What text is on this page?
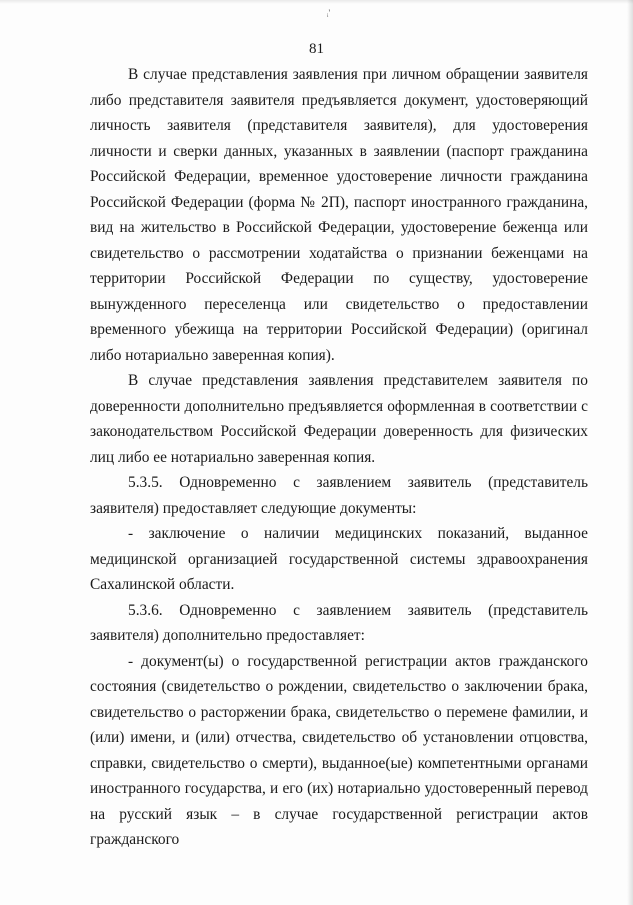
ᵢ'
81

В случае представления заявления при личном обращении заявителя либо представителя заявителя предъявляется документ, удостоверяющий личность заявителя (представителя заявителя), для удостоверения личности и сверки данных, указанных в заявлении (паспорт гражданина Российской Федерации, временное удостоверение личности гражданина Российской Федерации (форма № 2П), паспорт иностранного гражданина, вид на жительство в Российской Федерации, удостоверение беженца или свидетельство о рассмотрении ходатайства о признании беженцами на территории Российской Федерации по существу, удостоверение вынужденного переселенца или свидетельство о предоставлении временного убежища на территории Российской Федерации) (оригинал либо нотариально заверенная копия).

В случае представления заявления представителем заявителя по доверенности дополнительно предъявляется оформленная в соответствии с законодательством Российской Федерации доверенность для физических лиц либо ее нотариально заверенная копия.

5.3.5. Одновременно с заявлением заявитель (представитель заявителя) предоставляет следующие документы:

- заключение о наличии медицинских показаний, выданное медицинской организацией государственной системы здравоохранения Сахалинской области.

5.3.6. Одновременно с заявлением заявитель (представитель заявителя) дополнительно предоставляет:

- документ(ы) о государственной регистрации актов гражданского состояния (свидетельство о рождении, свидетельство о заключении брака, свидетельство о расторжении брака, свидетельство о перемене фамилии, и (или) имени, и (или) отчества, свидетельство об установлении отцовства, справки, свидетельство о смерти), выданное(ые) компетентными органами иностранного государства, и его (их) нотариально удостоверенный перевод на русский язык – в случае государственной регистрации актов гражданского
